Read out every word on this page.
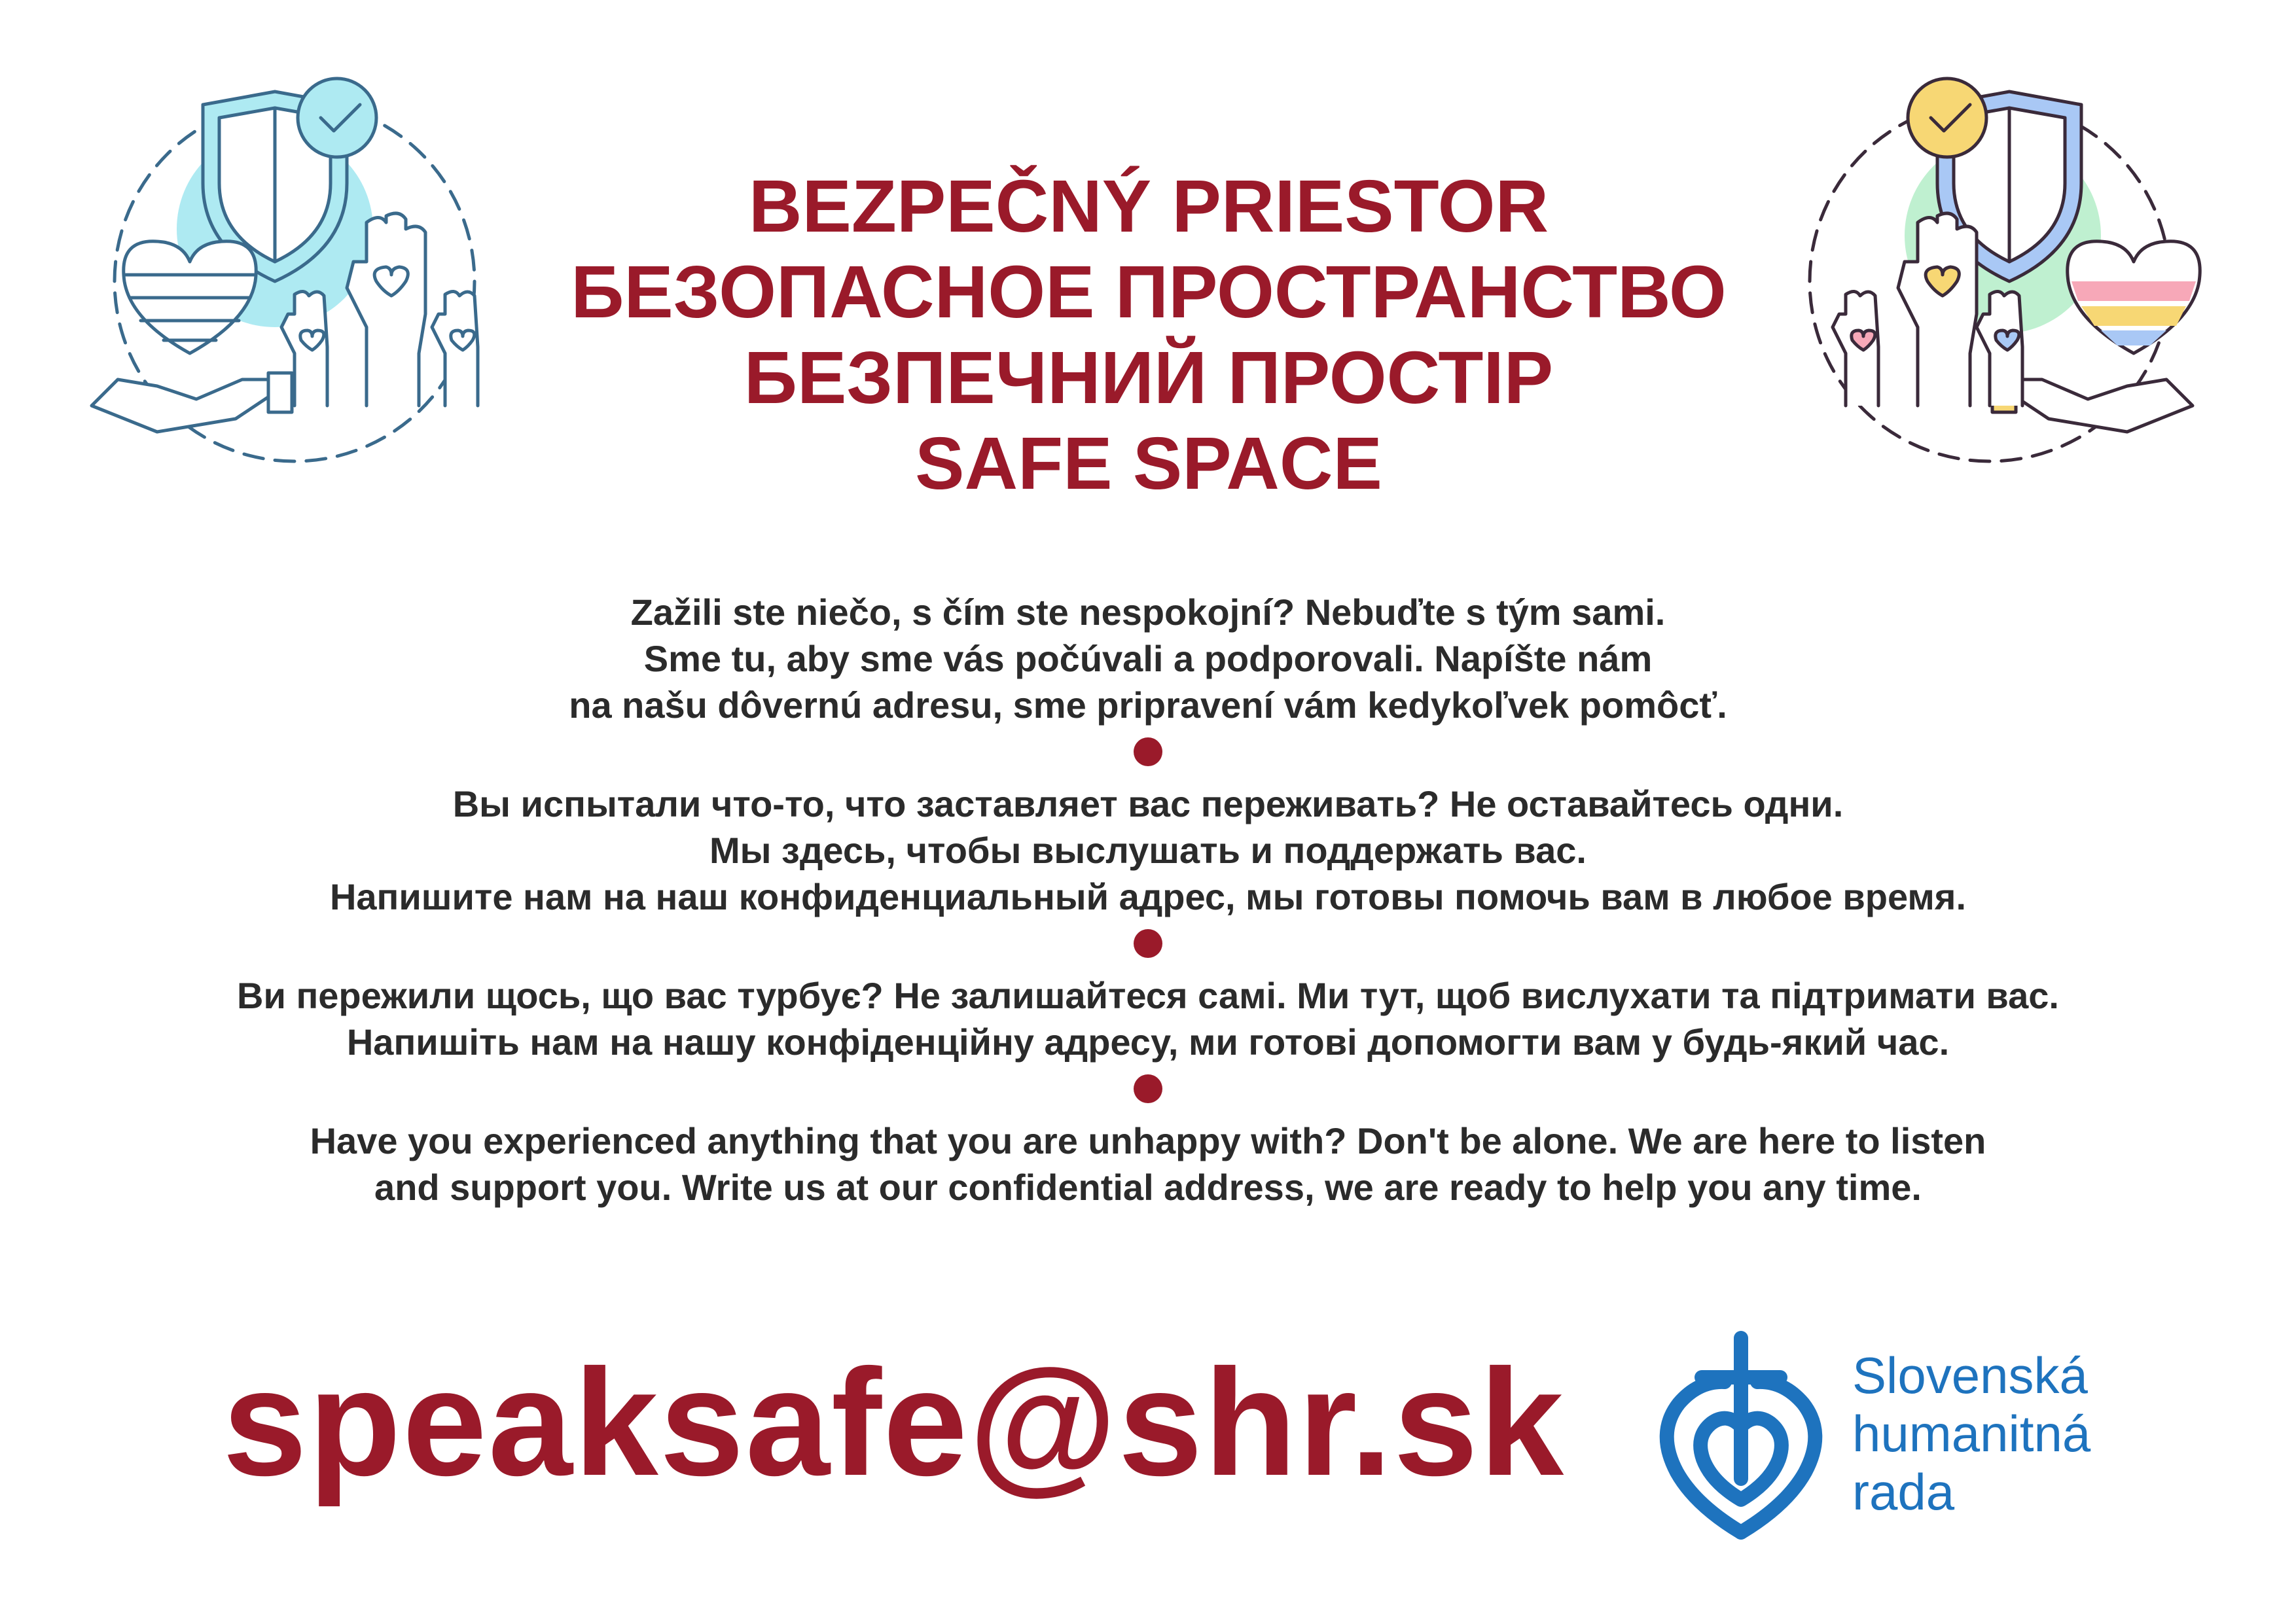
BEZPEČNÝ PRIESTOR
БЕЗОПАСНОЕ ПРОСТРАНСТВО
БЕЗПЕЧНИЙ ПРОСТІР
SAFE SPACE
Zažili ste niečo, s čím ste nespokojní? Nebuďte s tým sami.
Sme tu, aby sme vás počúvali a podporovali. Napíšte nám
na našu dôvernú adresu, sme pripravení vám kedykoľvek pomôcť.
Вы испытали что-то, что заставляет вас переживать? Не оставайтесь одни.
Мы здесь, чтобы выслушать и поддержать вас.
Напишите нам на наш конфиденциальный адрес, мы готовы помочь вам в любое время.
Ви пережили щось, що вас турбує? Не залишайтеся самі. Ми тут, щоб вислухати та підтримати вас.
Напишіть нам на нашу конфіденційну адресу, ми готові допомогти вам у будь-який час.
Have you experienced anything that you are unhappy with? Don't be alone. We are here to listen
and support you. Write us at our confidential address, we are ready to help you any time.
speaksafe@shr.sk	Slovenská
humanitná
rada
